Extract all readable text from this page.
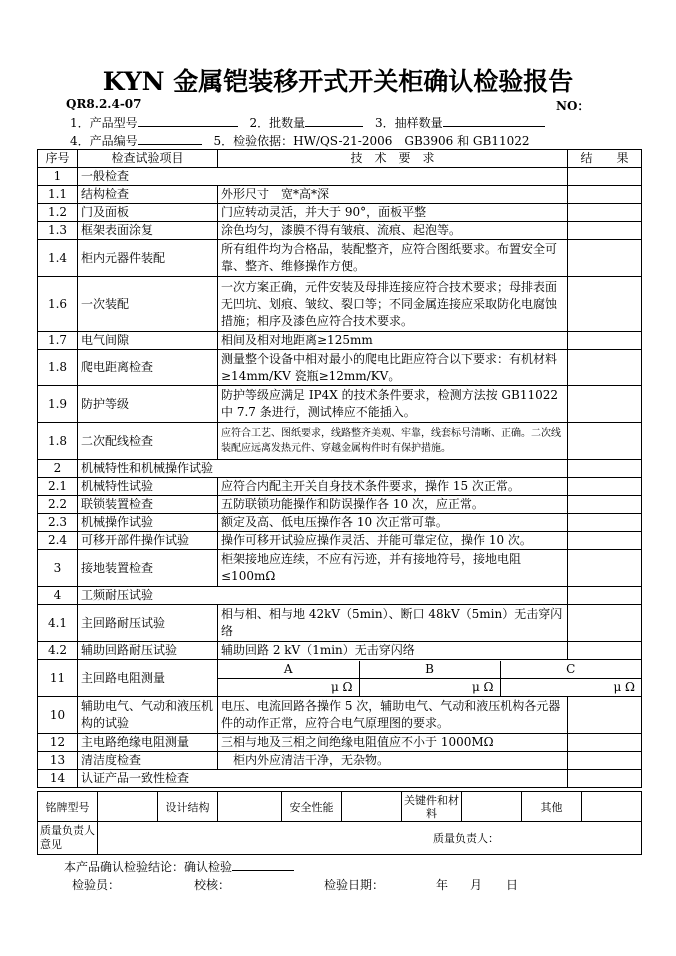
KYN 金属铠装移开式开关柜确认检验报告
QR8.2.4-07	NO：
1．产品型号	2．批数量	3．抽样数量
4．产品编号	5．检验依据：HW/QS-21-2006　GB3906 和 GB11022
序号	检查试验项目	技　术　要　求	结　　果
1	一般检查	
1.1	结构检查	外形尺寸　宽*高*深	
1.2	门及面板	门应转动灵活，并大于 90°，面板平整	
1.3	框架表面涂复	涂色均匀，漆膜不得有皱痕、流痕、起泡等。	
1.4	柜内元器件装配	所有组件均为合格品，装配整齐，应符合图纸要求。布置安全可靠、整齐、维修操作方便。	
1.6	一次装配	一次方案正确，元件安装及母排连接应符合技术要求；母排表面无凹坑、划痕、皱纹、裂口等；不同金属连接应采取防化电腐蚀措施；相序及漆色应符合技术要求。	
1.7	电气间隙	相间及相对地距离≥125mm	
1.8	爬电距离检查	测量整个设备中相对最小的爬电比距应符合以下要求：有机材料≥14mm/KV 瓷瓶≥12mm/KV。	
1.9	防护等级	防护等级应满足 IP4X 的技术条件要求，检测方法按 GB11022 中 7.7 条进行，测试棒应不能插入。	
1.8	二次配线检查	应符合工艺、图纸要求，线路整齐美观、牢靠，线套标号清晰、正确。二次线装配应远离发热元件、穿越金属构件时有保护措施。	
2	机械特性和机械操作试验	
2.1	机械特性试验	应符合内配主开关自身技术条件要求，操作 15 次正常。	
2.2	联锁装置检查	五防联锁功能操作和防误操作各 10 次，应正常。	
2.3	机械操作试验	额定及高、低电压操作各 10 次正常可靠。	
2.4	可移开部件操作试验	操作可移开试验应操作灵活、并能可靠定位，操作 10 次。	
3	接地装置检查	柜架接地应连续，不应有污迹，并有接地符号，接地电阻≤100mΩ	
4	工频耐压试验	
4.1	主回路耐压试验	相与相、相与地 42kV（5min）、断口 48kV（5min）无击穿闪络	
4.2	辅助回路耐压试验	辅助回路 2 kV（1min）无击穿闪络	
11	主回路电阻测量	
A	B	C
μ Ω	μ Ω	μ Ω

10	辅助电气、气动和液压机构的试验	电压、电流回路各操作 5 次，辅助电气、气动和液压机构各元器件的动作正常，应符合电气原理图的要求。	
12	主电路绝缘电阻测量	三相与地及三相之间绝缘电阻值应不小于 1000MΩ	
13	清洁度检查	　柜内外应清洁干净，无杂物。	
14	认证产品一致性检查	
铭牌型号		设计结构		安全性能		关键件和材料		其他	
质量负责人意见	质量负责人：								
本产品确认检验结论：确认检验
检验员：	校核：	检验日期：	年 月 日
